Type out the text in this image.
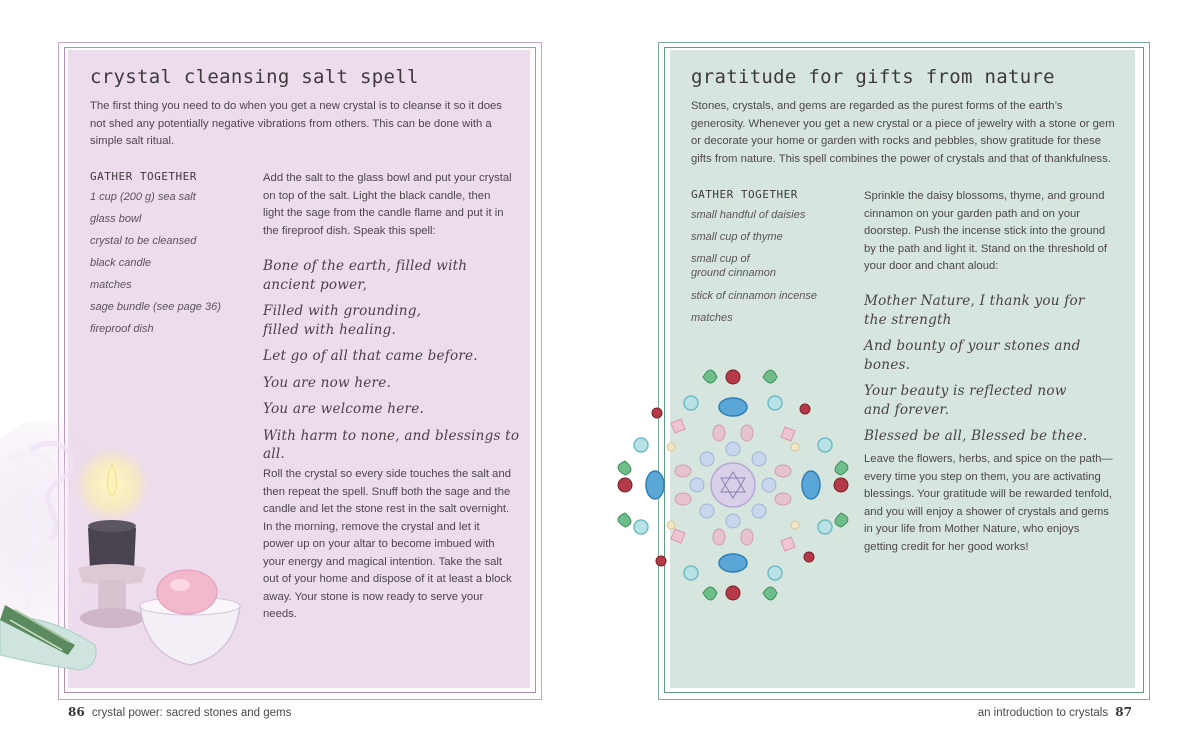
crystal cleansing salt spell

The first thing you need to do when you get a new crystal is to cleanse it so it does not shed any potentially negative vibrations from others. This can be done with a simple salt ritual.

GATHER TOGETHER
1 cup (200 g) sea salt
glass bowl
crystal to be cleansed
black candle
matches
sage bundle (see page 36)
fireproof dish

Add the salt to the glass bowl and put your crystal on top of the salt. Light the black candle, then light the sage from the candle flame and put it in the fireproof dish. Speak this spell:

Bone of the earth, filled with

ancient power,

Filled with grounding,

filled with healing.

Let go of all that came before.

You are now here.

You are welcome here.

With harm to none, and blessings to all.

Roll the crystal so every side touches the salt and then repeat the spell. Snuff both the sage and the candle and let the stone rest in the salt overnight. In the morning, remove the crystal and let it power up on your altar to become imbued with your energy and magical intention. Take the salt out of your home and dispose of it at least a block away. Your stone is now ready to serve your needs.

86 crystal power: sacred stones and gems
gratitude for gifts from nature

Stones, crystals, and gems are regarded as the purest forms of the earth’s generosity. Whenever you get a new crystal or a piece of jewelry with a stone or gem or decorate your home or garden with rocks and pebbles, show gratitude for these gifts from nature. This spell combines the power of crystals and that of thankfulness.

GATHER TOGETHER
small handful of daisies
small cup of thyme
small cup of
ground cinnamon
stick of cinnamon incense
matches

Sprinkle the daisy blossoms, thyme, and ground cinnamon on your garden path and on your doorstep. Push the incense stick into the ground by the path and light it. Stand on the threshold of your door and chant aloud:

Mother Nature, I thank you for

the strength

And bounty of your stones and bones.

Your beauty is reflected now

and forever.

Blessed be all, Blessed be thee.

Leave the flowers, herbs, and spice on the path—every time you step on them, you are activating blessings. Your gratitude will be rewarded tenfold, and you will enjoy a shower of crystals and gems in your life from Mother Nature, who enjoys getting credit for her good works!

an introduction to crystals 87
